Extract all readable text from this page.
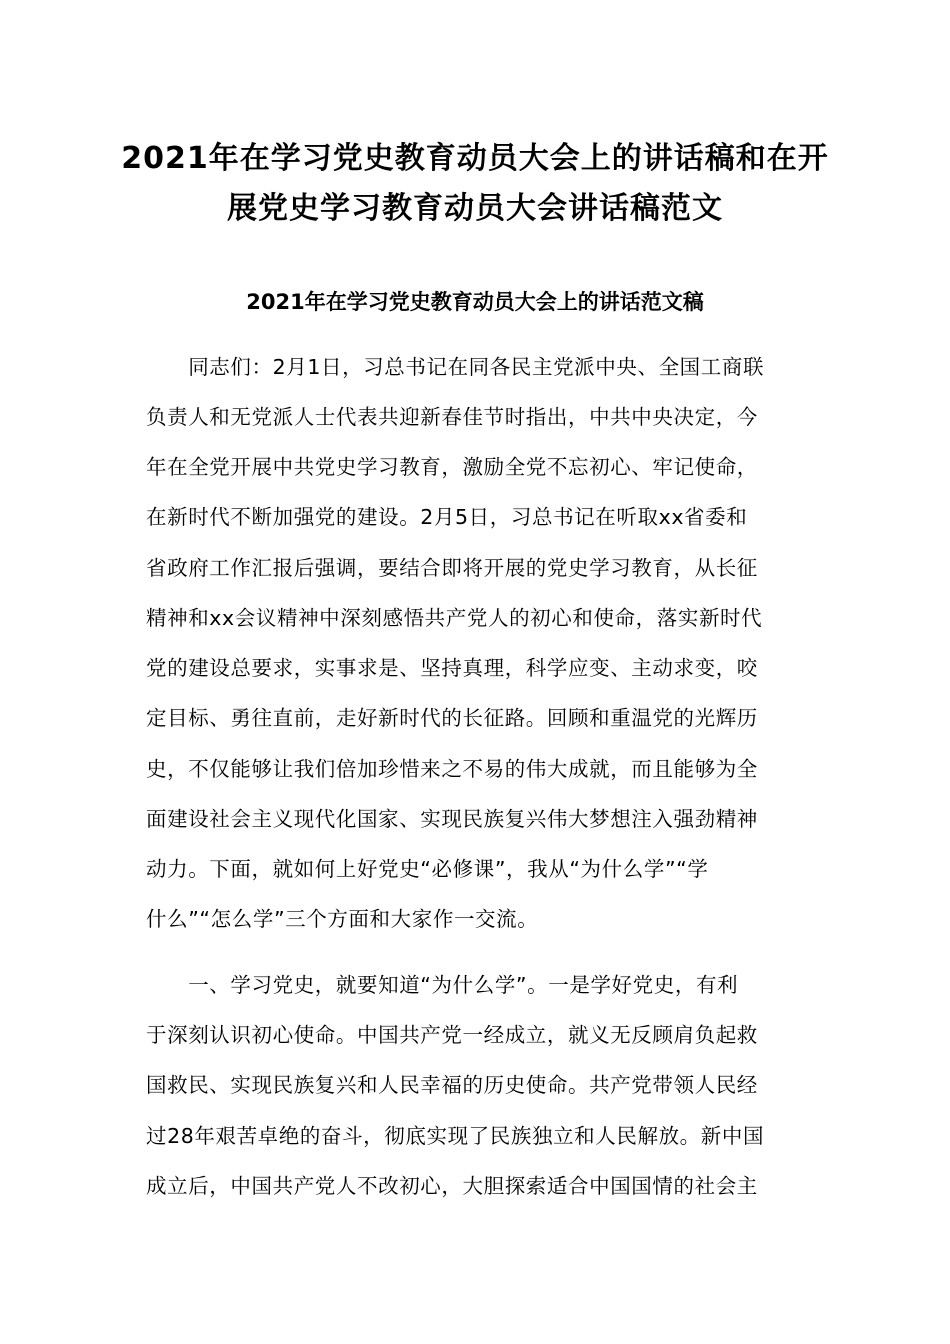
2021年在学习党史教育动员大会上的讲话稿和在开
展党史学习教育动员大会讲话稿范文
2021年在学习党史教育动员大会上的讲话范文稿
　　同志们：2月1日，习总书记在同各民主党派中央、全国工商联
负责人和无党派人士代表共迎新春佳节时指出，中共中央决定，今
年在全党开展中共党史学习教育，激励全党不忘初心、牢记使命，
在新时代不断加强党的建设。2月5日，习总书记在听取xx省委和
省政府工作汇报后强调，要结合即将开展的党史学习教育，从长征
精神和xx会议精神中深刻感悟共产党人的初心和使命，落实新时代
党的建设总要求，实事求是、坚持真理，科学应变、主动求变，咬
定目标、勇往直前，走好新时代的长征路。回顾和重温党的光辉历
史，不仅能够让我们倍加珍惜来之不易的伟大成就，而且能够为全
面建设社会主义现代化国家、实现民族复兴伟大梦想注入强劲精神
动力。下面，就如何上好党史“必修课”，我从“为什么学”“学
什么”“怎么学”三个方面和大家作一交流。
　　一、学习党史，就要知道“为什么学”。一是学好党史，有利
于深刻认识初心使命。中国共产党一经成立，就义无反顾肩负起救
国救民、实现民族复兴和人民幸福的历史使命。共产党带领人民经
过28年艰苦卓绝的奋斗，彻底实现了民族独立和人民解放。新中国
成立后，中国共产党人不改初心，大胆探索适合中国国情的社会主
